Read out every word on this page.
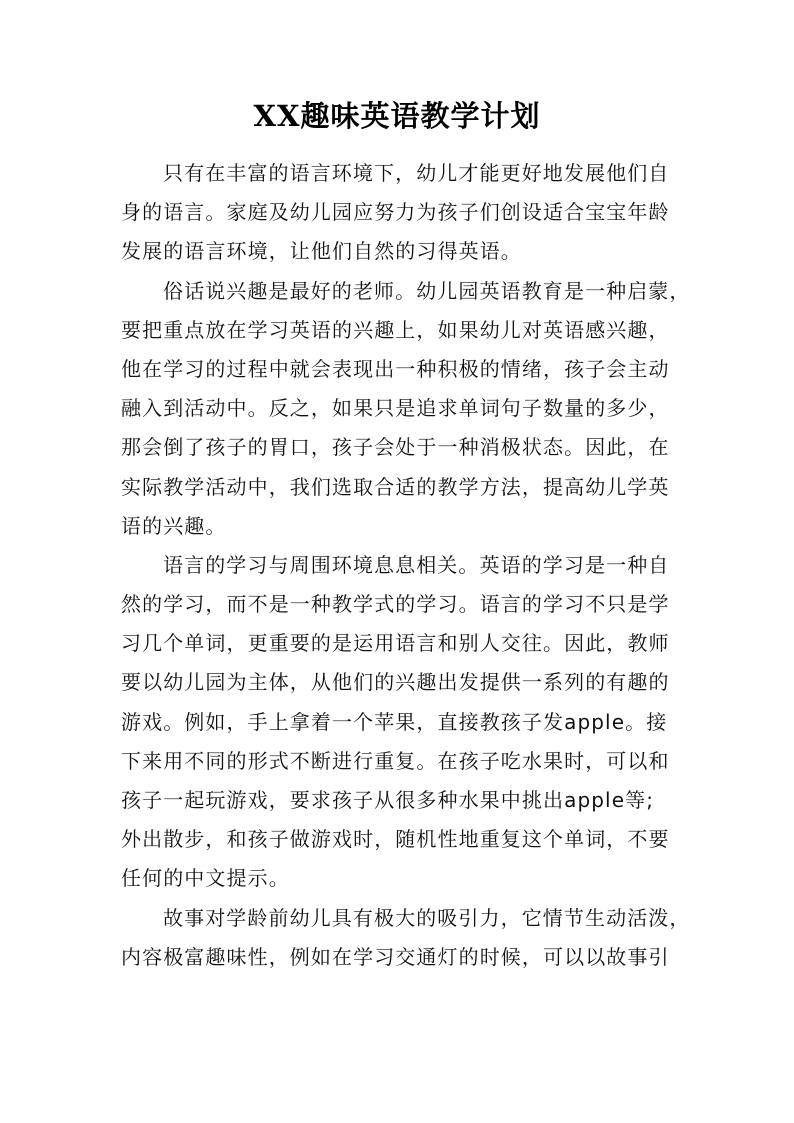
XX趣味英语教学计划
只有在丰富的语言环境下，幼儿才能更好地发展他们自
身的语言。家庭及幼儿园应努力为孩子们创设适合宝宝年龄
发展的语言环境，让他们自然的习得英语。
俗话说兴趣是最好的老师。幼儿园英语教育是一种启蒙，
要把重点放在学习英语的兴趣上，如果幼儿对英语感兴趣，
他在学习的过程中就会表现出一种积极的情绪，孩子会主动
融入到活动中。反之，如果只是追求单词句子数量的多少，
那会倒了孩子的胃口，孩子会处于一种消极状态。因此，在
实际教学活动中，我们选取合适的教学方法，提高幼儿学英
语的兴趣。
语言的学习与周围环境息息相关。英语的学习是一种自
然的学习，而不是一种教学式的学习。语言的学习不只是学
习几个单词，更重要的是运用语言和别人交往。因此，教师
要以幼儿园为主体，从他们的兴趣出发提供一系列的有趣的
游戏。例如，手上拿着一个苹果，直接教孩子发apple。接
下来用不同的形式不断进行重复。在孩子吃水果时，可以和
孩子一起玩游戏，要求孩子从很多种水果中挑出apple等;
外出散步，和孩子做游戏时，随机性地重复这个单词，不要
任何的中文提示。
故事对学龄前幼儿具有极大的吸引力，它情节生动活泼，
内容极富趣味性，例如在学习交通灯的时候，可以以故事引
